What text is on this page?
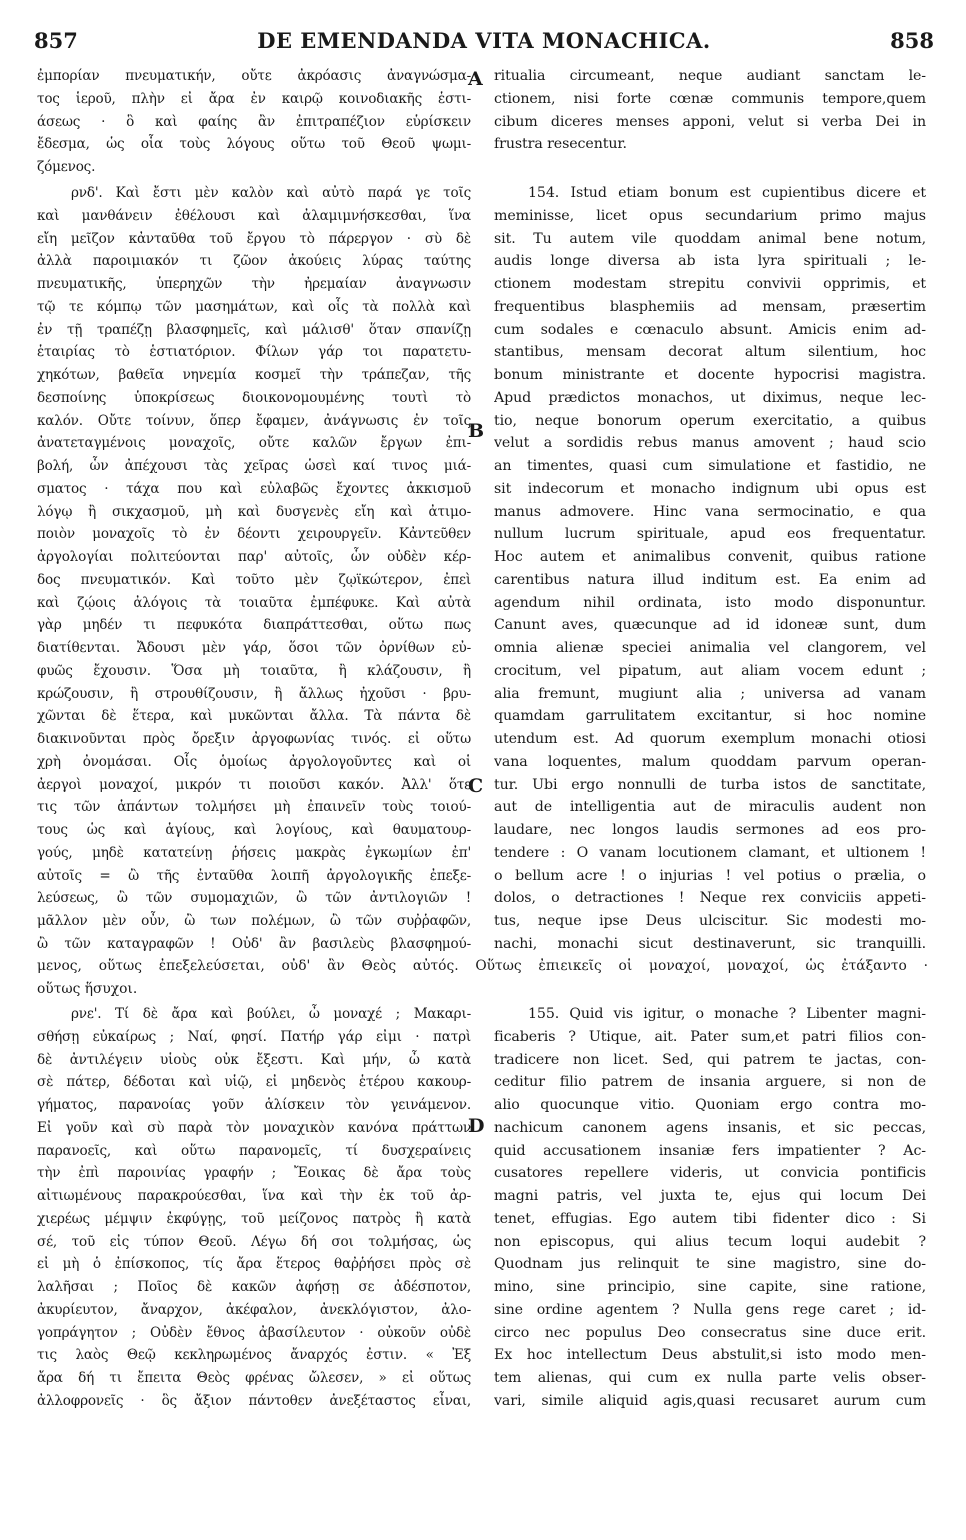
857	DE EMENDANDA VITA MONACHICA.	858
A
B
C
D
ἐμπορίαν πνευματικήν, οὔτε ἀκρόασις ἀναγνώσμα-
τος ἱεροῦ, πλὴν εἰ ἄρα ἐν καιρῷ κοινοδιακῆς ἑστι-
άσεως · ὃ καὶ φαίης ἂν ἐπιτραπέζιον εὑρίσκειν
ἔδεσμα, ὡς οἷα τοὺς λόγους οὕτω τοῦ Θεοῦ ψωμι-
ζόμενος.
ritualia circumeant, neque audiant sanctam le-
ctionem, nisi forte cœnæ communis tempore,quem
cibum diceres menses apponi, velut si verba Dei in
frustra resecentur.
ρνδ'. Καὶ ἔστι μὲν καλὸν καὶ αὐτὸ παρά γε τοῖς
καὶ μανθάνειν ἐθέλουσι καὶ ἀλαμιμνήσκεσθαι, ἵνα
εἴη μεῖζον κἀνταῦθα τοῦ ἔργου τὸ πάρεργον · σὺ δὲ
ἀλλὰ παροιμιακόν τι ζῶον ἀκούεις λύρας ταύτης
πνευματικῆς, ὑπερηχῶν τὴν ἠρεμαίαν ἀναγνωσιν
τῷ τε κόμπῳ τῶν μασημάτων, καὶ οἷς τὰ πολλὰ καὶ
ἐν τῇ τραπέζῃ βλασφημεῖς, καὶ μάλισθ' ὅταν σπανίζῃ
ἑταιρίας τὸ ἑστιατόριον. Φίλων γάρ τοι παρατετυ-
χηκότων, βαθεῖα νηνεμία κοσμεῖ τὴν τράπεζαν, τῆς
δεσποίνης ὑποκρίσεως διοικονομουμένης τουτὶ τὸ
καλόν. Οὔτε τοίνυν, ὅπερ ἔφαμεν, ἀνάγνωσις ἐν τοῖς
ἀνατεταγμένοις μοναχοῖς, οὔτε καλῶν ἔργων ἐπι-
βολή, ὧν ἀπέχουσι τὰς χεῖρας ὡσεὶ καί τινος μιά-
σματος · τάχα που καὶ εὐλαβῶς ἔχοντες ἀκκισμοῦ
λόγῳ ἢ σικχασμοῦ, μὴ καὶ δυσγενὲς εἴη καὶ ἀτιμο-
ποιὸν μοναχοῖς τὸ ἐν δέοντι χειρουργεῖν. Κἀντεῦθεν
ἀργολογίαι πολιτεύονται παρ' αὐτοῖς, ὧν οὐδὲν κέρ-
δος πνευματικόν. Καὶ τοῦτο μὲν ζῳϊκώτερον, ἐπεὶ
καὶ ζῴοις ἀλόγοις τὰ τοιαῦτα ἐμπέφυκε. Καὶ αὐτὰ
γὰρ μηδέν τι πεφυκότα διαπράττεσθαι, οὕτω πως
διατίθενται. Ἄδουσι μὲν γάρ, ὅσοι τῶν ὀρνίθων εὐ-
φυῶς ἔχουσιν. Ὅσα μὴ τοιαῦτα, ἢ κλάζουσιν, ἢ
κρώζουσιν, ἢ στρουθίζουσιν, ἢ ἄλλως ἠχοῦσι · βρυ-
χῶνται δὲ ἕτερα, καὶ μυκῶνται ἄλλα. Τὰ πάντα δὲ
διακινοῦνται πρὸς ὄρεξιν ἀργοφωνίας τινός. εἰ οὕτω
χρὴ ὀνομάσαι. Οἷς ὁμοίως ἀργολογοῦντες καὶ οἱ
ἀεργοὶ μοναχοί, μικρόν τι ποιοῦσι κακόν. Ἀλλ' ὅτε
τις τῶν ἁπάντων τολμήσει μὴ ἐπαινεῖν τοὺς τοιού-
τους ὡς καὶ ἁγίους, καὶ λογίους, καὶ θαυματουρ-
γούς, μηδὲ κατατείνῃ ῥήσεις μακρὰς ἐγκωμίων ἐπ'
αὐτοῖς = ὢ τῆς ἐνταῦθα λοιπῆ ἀργολογικῆς ἐπεξε-
λεύσεως, ὢ τῶν συμομαχιῶν, ὢ τῶν ἀντιλογιῶν !
μᾶλλον μὲν οὖν, ὢ των πολέμων, ὢ τῶν συῤῥαφῶν,
ὢ τῶν καταγραφῶν ! Οὐδ' ἂν βασιλεὺς βλασφημού-
154. Istud etiam bonum est cupientibus dicere et
meminisse, licet opus secundarium primo majus
sit. Tu autem vile quoddam animal bene notum,
audis longe diversa ab ista lyra spirituali ; le-
ctionem modestam strepitu convivii opprimis, et
frequentibus blasphemiis ad mensam, præsertim
cum sodales e cœnaculo absunt. Amicis enim ad-
stantibus, mensam decorat altum silentium, hoc
bonum ministrante et docente hypocrisi magistra.
Apud prædictos monachos, ut diximus, neque lec-
tio, neque bonorum operum exercitatio, a quibus
velut a sordidis rebus manus amovent ; haud scio
an timentes, quasi cum simulatione et fastidio, ne
sit indecorum et monacho indignum ubi opus est
manus admovere. Hinc vana sermocinatio, e qua
nullum lucrum spirituale, apud eos frequentatur.
Hoc autem et animalibus convenit, quibus ratione
carentibus natura illud inditum est. Ea enim ad
agendum nihil ordinata, isto modo disponuntur.
Canunt aves, quæcunque ad id idoneæ sunt, dum
omnia alienæ speciei animalia vel clangorem, vel
crocitum, vel pipatum, aut aliam vocem edunt ;
alia fremunt, mugiunt alia ; universa ad vanam
quamdam garrulitatem excitantur, si hoc nomine
utendum est. Ad quorum exemplum monachi otiosi
vana loquentes, malum quoddam parvum operan-
tur. Ubi ergo nonnulli de turba istos de sanctitate,
aut de intelligentia aut de miraculis audent non
laudare, nec longos laudis sermones ad eos pro-
tendere : O vanam locutionem clamant, et ultionem !
o bellum acre ! o injurias ! vel potius o prælia, o
dolos, o detractiones ! Neque rex conviciis appeti-
tus, neque ipse Deus ulciscitur. Sic modesti mo-
nachi, monachi sicut destinaverunt, sic tranquilli.
μενος, οὕτως ἐπεξελεύσεται, οὐδ' ἂν Θεὸς αὐτός. Οὕτως ἐπιεικεῖς οἱ μοναχοί, μοναχοί, ὡς ἐτάξαντο ·
οὕτως ἥσυχοι.
ρνε'. Τί δὲ ἄρα καὶ βούλει, ὦ μοναχέ ; Μακαρι-
σθήσῃ εὐκαίρως ; Ναί, φησί. Πατήρ γάρ εἰμι · πατρὶ
δὲ ἀντιλέγειν υἱοὺς οὐκ ἔξεστι. Καὶ μήν, ὦ κατὰ
σὲ πάτερ, δέδοται καὶ υἱῷ, εἰ μηδενὸς ἑτέρου κακουρ-
γήματος, παρανοίας γοῦν ἁλίσκειν τὸν γεινάμενον.
Εἰ γοῦν καὶ σὺ παρὰ τὸν μοναχικὸν κανόνα πράττων
παρανοεῖς, καὶ οὕτω παρανομεῖς, τί δυσχεραίνεις
τὴν ἐπὶ παροινίας γραφήν ; Ἔοικας δὲ ἄρα τοὺς
αἰτιωμένους παρακρούεσθαι, ἵνα καὶ τὴν ἐκ τοῦ ἀρ-
χιερέως μέμψιν ἐκφύγῃς, τοῦ μείζονος πατρὸς ἢ κατὰ
σέ, τοῦ εἰς τύπον Θεοῦ. Λέγω δή σοι τολμήσας, ὡς
εἰ μὴ ὁ ἐπίσκοπος, τίς ἄρα ἕτερος θαῤῥήσει πρὸς σὲ
λαλῆσαι ; Ποῖος δὲ κακῶν ἀφήσῃ σε ἀδέσποτον,
ἀκυρίευτον, ἄναρχον, ἀκέφαλον, ἀνεκλόγιστον, ἀλο-
γοπράγητον ; Οὐδὲν ἔθνος ἀβασίλευτον · οὐκοῦν οὐδὲ
τις λαὸς Θεῷ κεκληρωμένος ἄναρχός ἐστιν. « Ἐξ
ἄρα δή τι ἔπειτα Θεὸς φρένας ὤλεσεν, » εἰ οὕτως
ἀλλοφρονεῖς · ὃς ἄξιον πάντοθεν ἀνεξέταστος εἶναι,
155. Quid vis igitur, o monache ? Libenter magni-
ficaberis ? Utique, ait. Pater sum,et patri filios con-
tradicere non licet. Sed, qui patrem te jactas, con-
ceditur filio patrem de insania arguere, si non de
alio quocunque vitio. Quoniam ergo contra mo-
nachicum canonem agens insanis, et sic peccas,
quid accusationem insaniæ fers impatienter ? Ac-
cusatores repellere videris, ut convicia pontificis
magni patris, vel juxta te, ejus qui locum Dei
tenet, effugias. Ego autem tibi fidenter dico : Si
non episcopus, qui alius tecum loqui audebit ?
Quodnam jus relinquit te sine magistro, sine do-
mino, sine principio, sine capite, sine ratione,
sine ordine agentem ? Nulla gens rege caret ; id-
circo nec populus Deo consecratus sine duce erit.
Ex hoc intellectum Deus abstulit,si isto modo men-
tem alienas, qui cum ex nulla parte velis obser-
vari, simile aliquid agis,quasi recusaret aurum cum
